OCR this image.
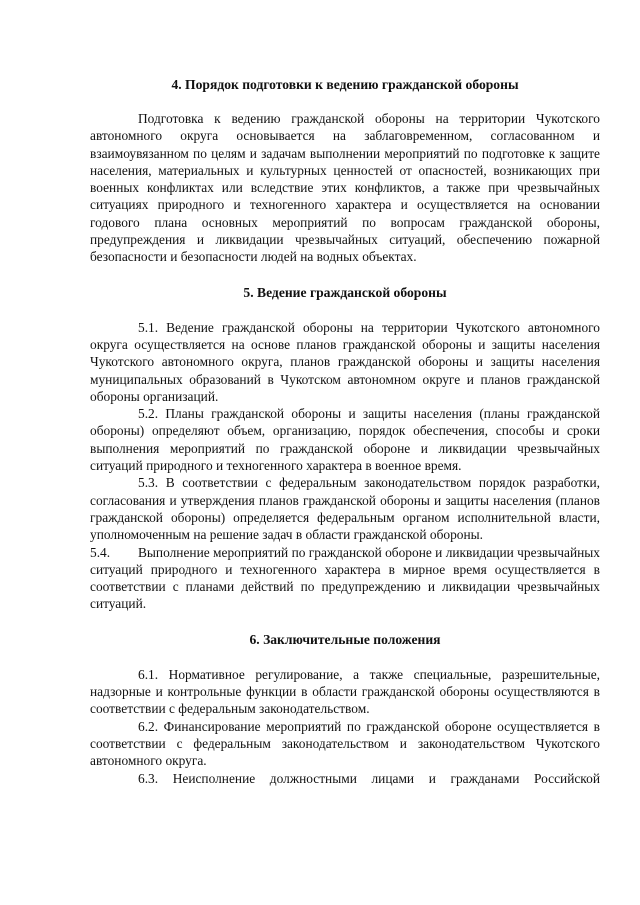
4. Порядок подготовки к ведению гражданской обороны

Подготовка к ведению гражданской обороны на территории Чукотского автономного округа основывается на заблаговременном, согласованном и взаимоувязанном по целям и задачам выполнении мероприятий по подготовке к защите населения, материальных и культурных ценностей от опасностей, возникающих при военных конфликтах или вследствие этих конфликтов, а также при чрезвычайных ситуациях природного и техногенного характера и осуществляется на основании годового плана основных мероприятий по вопросам гражданской обороны, предупреждения и ликвидации чрезвычайных ситуаций, обеспечению пожарной безопасности и безопасности людей на водных объектах.

5. Ведение гражданской обороны

5.1. Ведение гражданской обороны на территории Чукотского автономного округа осуществляется на основе планов гражданской обороны и защиты населения Чукотского автономного округа, планов гражданской обороны и защиты населения муниципальных образований в Чукотском автономном округе и планов гражданской обороны организаций.

5.2. Планы гражданской обороны и защиты населения (планы гражданской обороны) определяют объем, организацию, порядок обеспечения, способы и сроки выполнения мероприятий по гражданской обороне и ликвидации чрезвычайных ситуаций природного и техногенного характера в военное время.

5.3. В соответствии с федеральным законодательством порядок разработки, согласования и утверждения планов гражданской обороны и защиты населения (планов гражданской обороны) определяется федеральным органом исполнительной власти, уполномоченным на решение задач в области гражданской обороны.

5.4. Выполнение мероприятий по гражданской обороне и ликвидации чрезвычайных ситуаций природного и техногенного характера в мирное время осуществляется в соответствии с планами действий по предупреждению и ликвидации чрезвычайных ситуаций.

6. Заключительные положения

6.1. Нормативное регулирование, а также специальные, разрешительные, надзорные и контрольные функции в области гражданской обороны осуществляются в соответствии с федеральным законодательством.

6.2. Финансирование мероприятий по гражданской обороне осуществляется в соответствии с федеральным законодательством и законодательством Чукотского автономного округа.

6.3. Неисполнение должностными лицами и гражданами Российской
